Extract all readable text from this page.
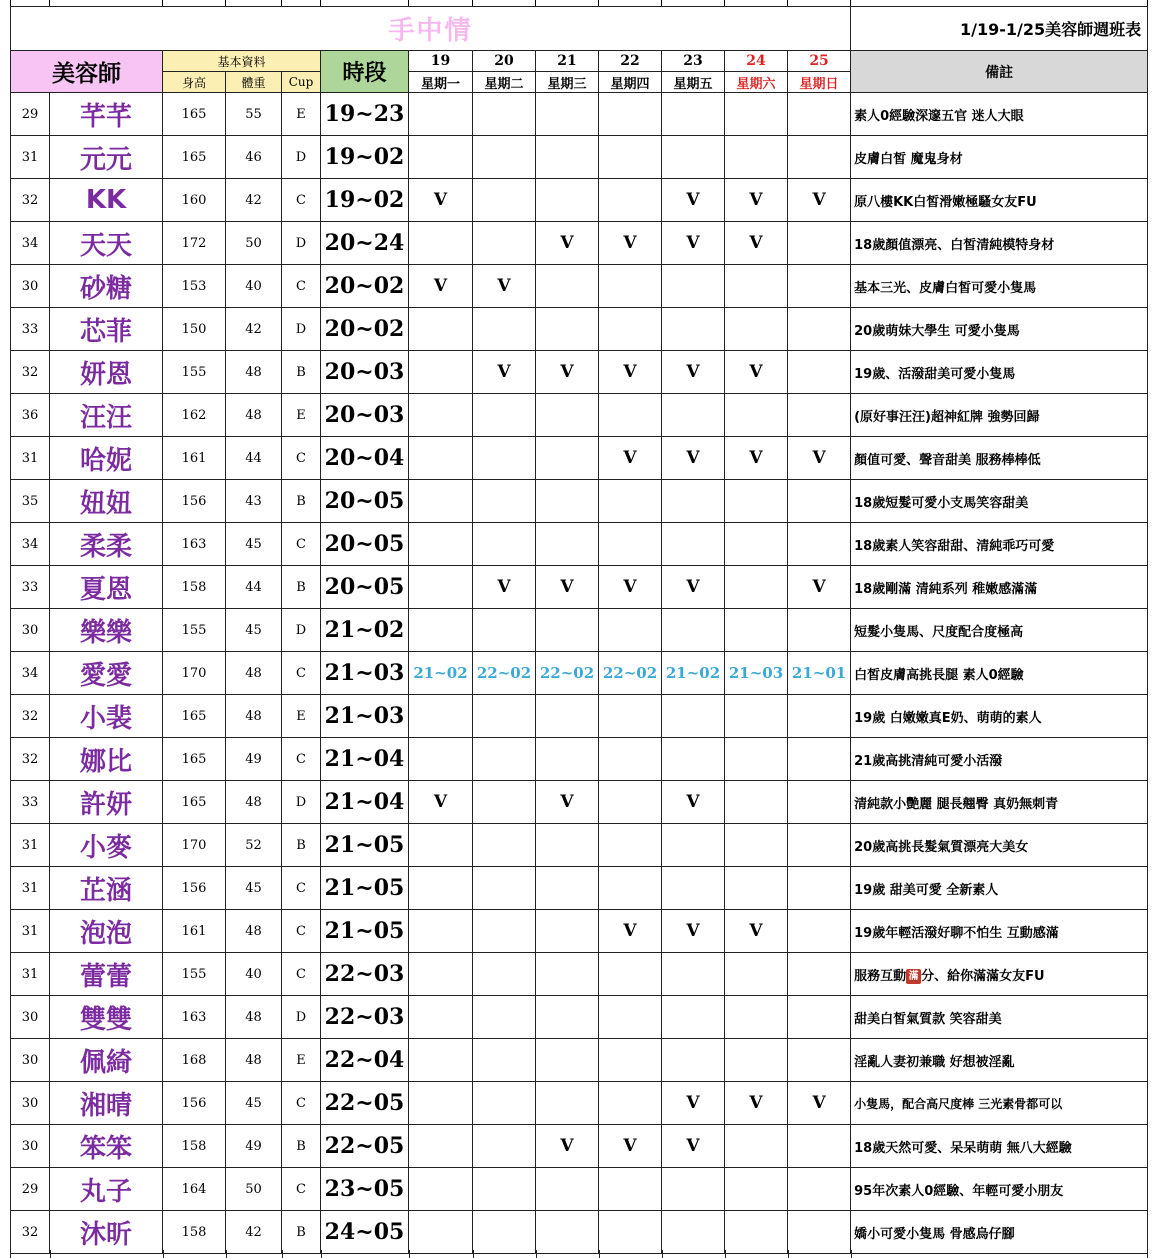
手中情													1/19-1/25美容師週班表
美容師		基本資料			時段	19	20	21	22	23	24	25	備註
		身高	體重	Cup		星期一	星期二	星期三	星期四	星期五	星期六	星期日	
29	芊芊	165	55	E	19~23								素人0經驗深邃五官 迷人大眼
31	元元	165	46	D	19~02								皮膚白皙 魔鬼身材
32	KK	160	42	C	19~02	V				V	V	V	原八樓KK白皙滑嫩極騷女友FU
34	天天	172	50	D	20~24			V	V	V	V		18歲顏值漂亮、白皙清純模特身材
30	砂糖	153	40	C	20~02	V	V						基本三光、皮膚白皙可愛小隻馬
33	芯菲	150	42	D	20~02								20歲萌妹大學生 可愛小隻馬
32	妍恩	155	48	B	20~03		V	V	V	V	V		19歲、活潑甜美可愛小隻馬
36	汪汪	162	48	E	20~03								(原好事汪汪)超神紅牌 強勢回歸
31	哈妮	161	44	C	20~04				V	V	V	V	顏值可愛、聲音甜美 服務棒棒低
35	妞妞	156	43	B	20~05								18歲短髮可愛小支馬笑容甜美
34	柔柔	163	45	C	20~05								18歲素人笑容甜甜、清純乖巧可愛
33	夏恩	158	44	B	20~05		V	V	V	V		V	18歲剛滿 清純系列 稚嫩感滿滿
30	樂樂	155	45	D	21~02								短髮小隻馬、尺度配合度極高
34	愛愛	170	48	C	21~03	21~02	22~02	22~02	22~02	21~02	21~03	21~01	白皙皮膚高挑長腿 素人0經驗
32	小裴	165	48	E	21~03								19歲 白嫩嫩真E奶、萌萌的素人
32	娜比	165	49	C	21~04								21歲高挑清純可愛小活潑
33	許妍	165	48	D	21~04	V		V		V			清純款小艷麗 腿長翹臀 真奶無刺青
31	小麥	170	52	B	21~05								20歲高挑長髮氣質漂亮大美女
31	芷涵	156	45	C	21~05								19歲 甜美可愛 全新素人
31	泡泡	161	48	C	21~05				V	V	V		19歲年輕活潑好聊不怕生 互動感滿
31	蕾蕾	155	40	C	22~03								服務互動 滿 分、給你滿滿女友FU
30	雙雙	163	48	D	22~03								甜美白皙氣質款 笑容甜美
30	佩綺	168	48	E	22~04								淫亂人妻初兼職 好想被淫亂
30	湘晴	156	45	C	22~05					V	V	V	小隻馬，配合高尺度棒 三光素骨都可以
30	笨笨	158	49	B	22~05			V	V	V			18歲天然可愛、呆呆萌萌 無八大經驗
29	丸子	164	50	C	23~05								95年次素人0經驗、年輕可愛小朋友
32	沐昕	158	42	B	24~05								嬌小可愛小隻馬 骨感烏仔腳
